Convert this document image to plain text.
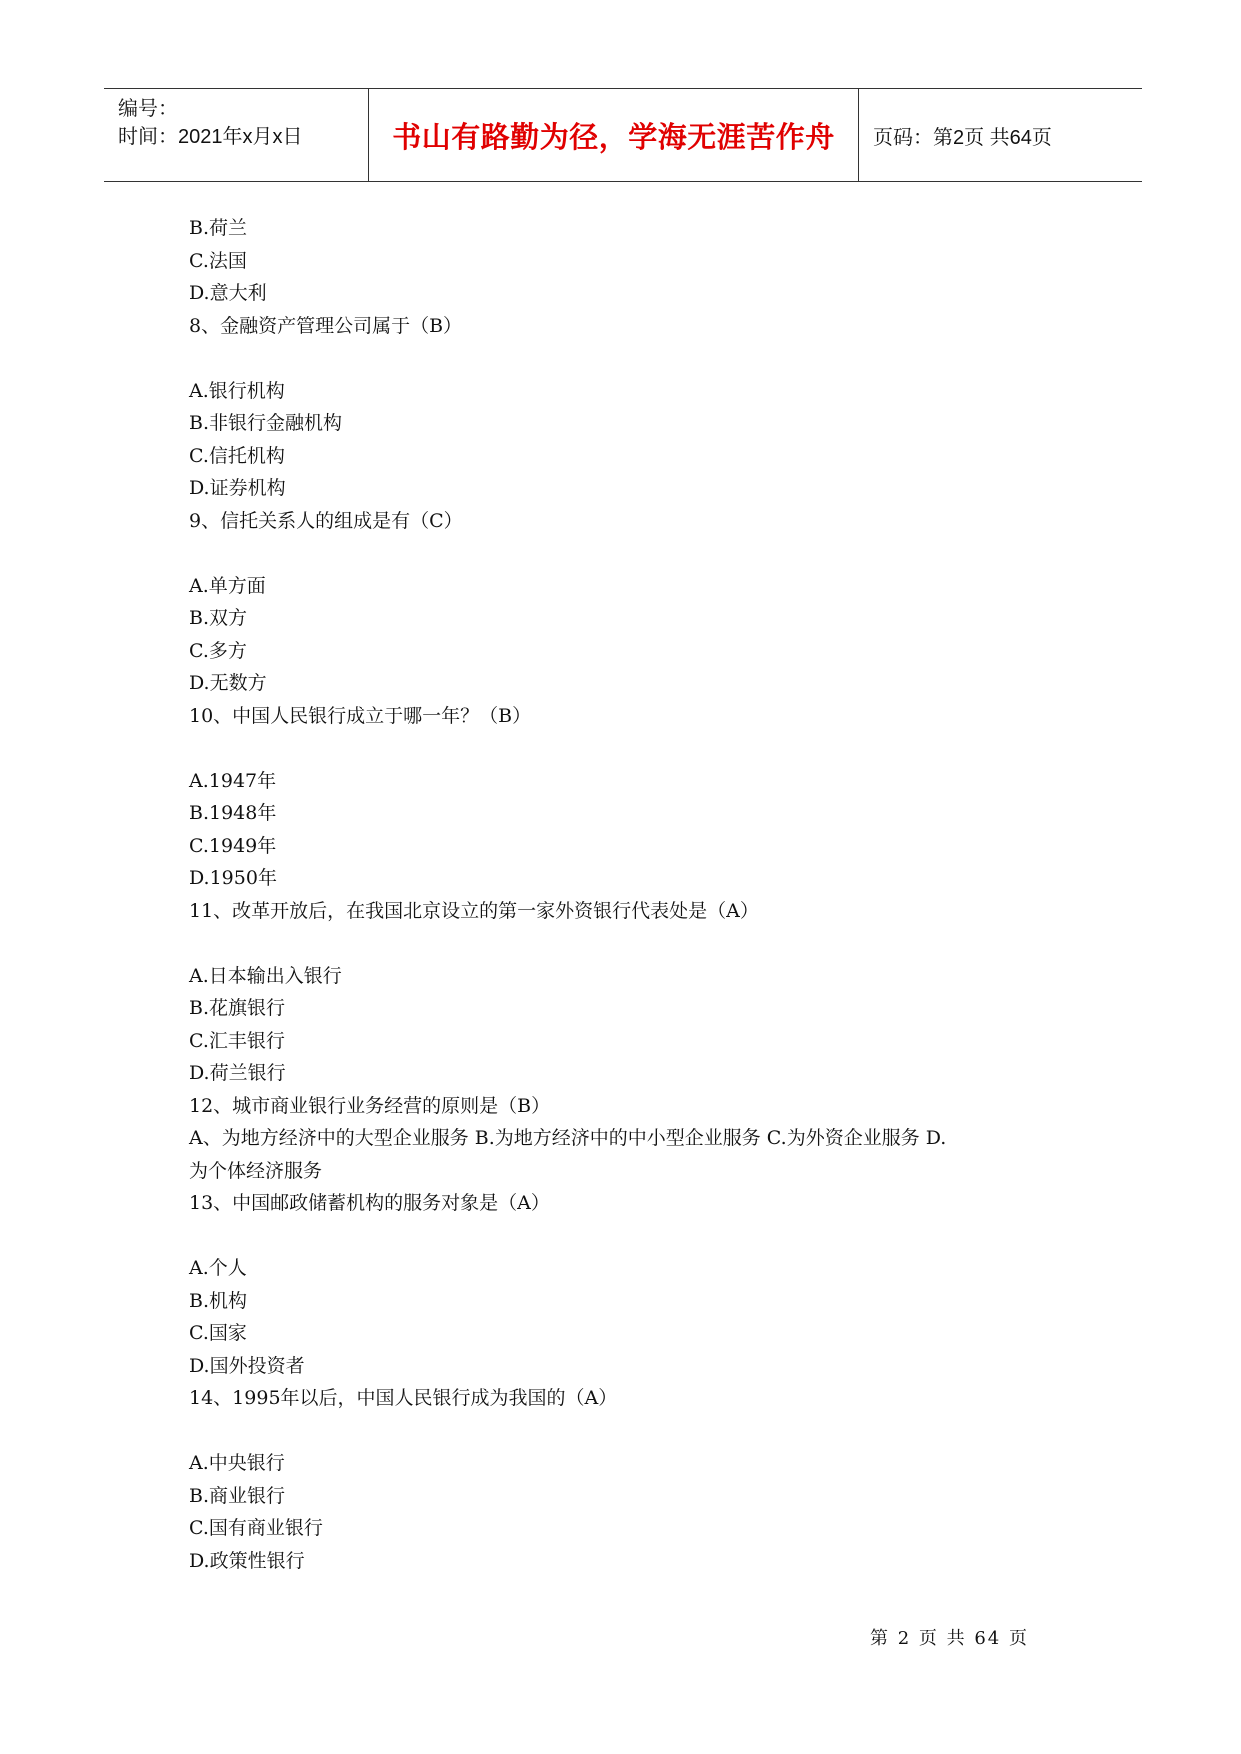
编号：
时间：2021年x月x日	书山有路勤为径，学海无涯苦作舟 页码：第2页 共64页
B.荷兰
C.法国
D.意大利
8、金融资产管理公司属于（B）
A.银行机构
B.非银行金融机构
C.信托机构
D.证券机构
9、信托关系人的组成是有（C）
A.单方面
B.双方
C.多方
D.无数方
10、中国人民银行成立于哪一年？（B）
A.1947年
B.1948年
C.1949年
D.1950年
11、改革开放后，在我国北京设立的第一家外资银行代表处是（A）
A.日本输出入银行
B.花旗银行
C.汇丰银行
D.荷兰银行
12、城市商业银行业务经营的原则是（B）
A、为地方经济中的大型企业服务 B.为地方经济中的中小型企业服务 C.为外资企业服务 D.
为个体经济服务
13、中国邮政储蓄机构的服务对象是（A）
A.个人
B.机构
C.国家
D.国外投资者
14、1995年以后，中国人民银行成为我国的（A）
A.中央银行
B.商业银行
C.国有商业银行
D.政策性银行
第 2 页 共 64 页
